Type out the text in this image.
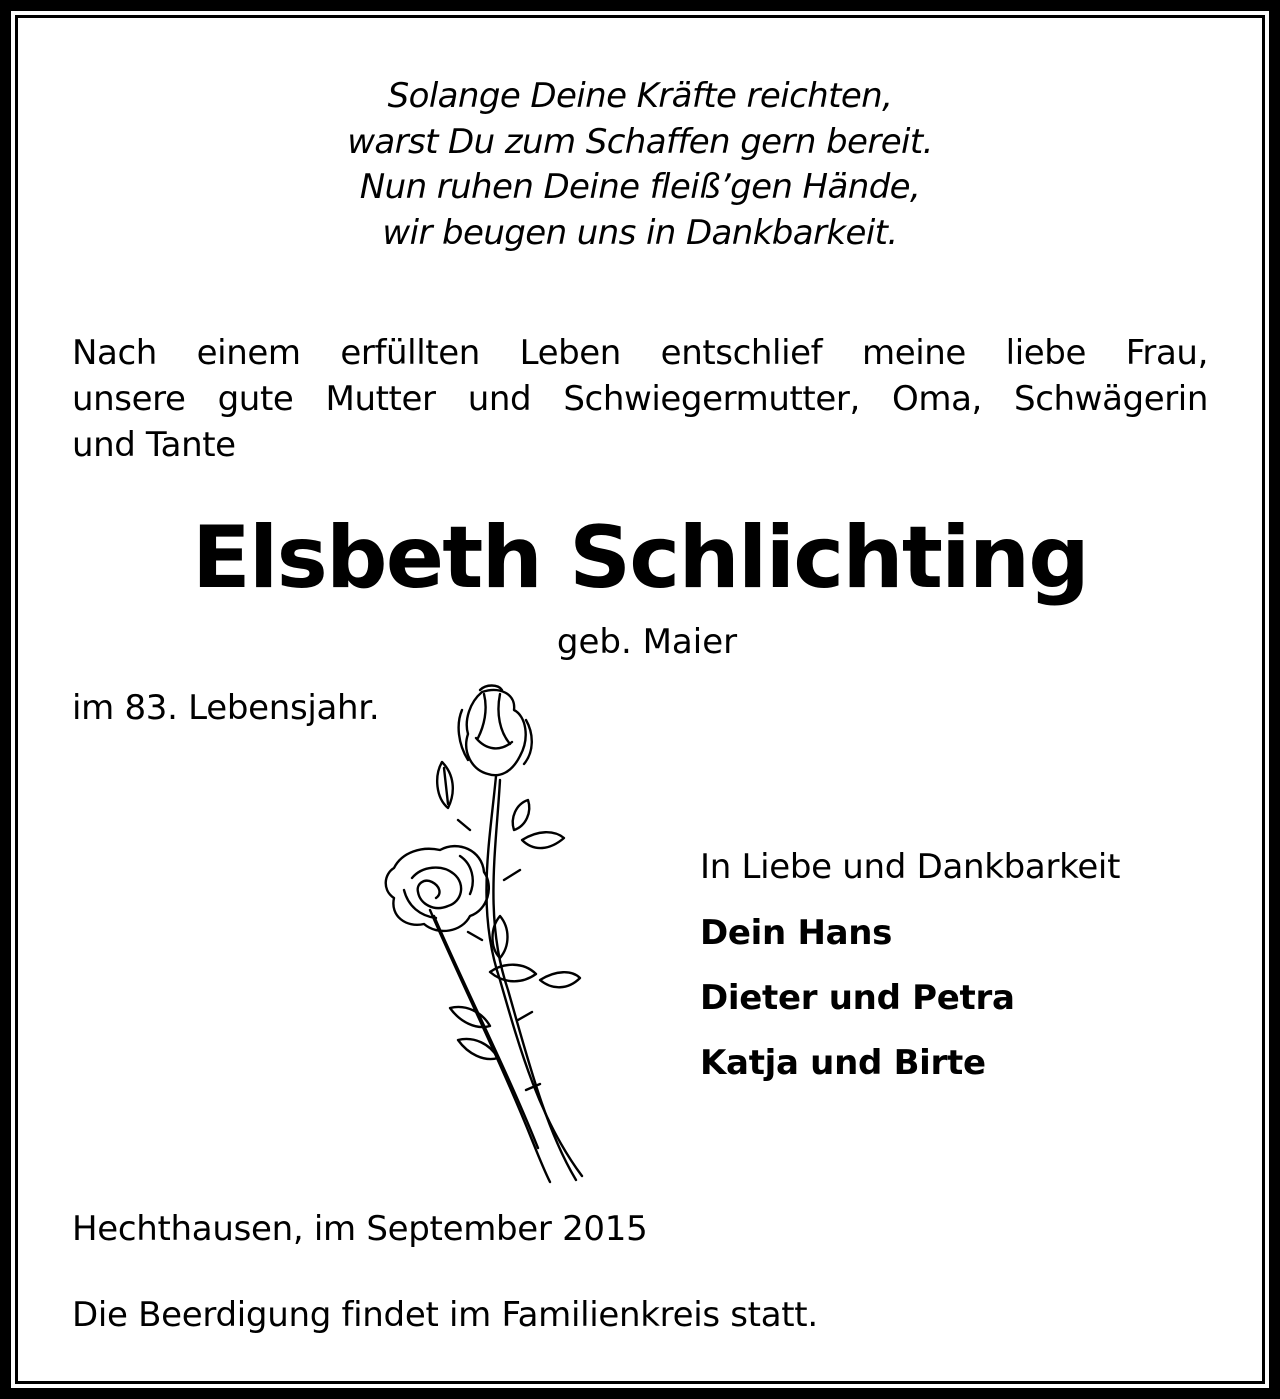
Solange Deine Kräfte reichten,
warst Du zum Schaffen gern bereit.
Nun ruhen Deine fleiß’gen Hände,
wir beugen uns in Dankbarkeit.
Nach einem erfüllten Leben entschlief meine liebe Frau,
unsere gute Mutter und Schwiegermutter, Oma, Schwägerin
und Tante
Elsbeth Schlichting
geb. Maier
im 83. Lebensjahr.
In Liebe und Dankbarkeit
Dein Hans
Dieter und Petra
Katja und Birte
Hechthausen, im September 2015
Die Beerdigung findet im Familienkreis statt.
